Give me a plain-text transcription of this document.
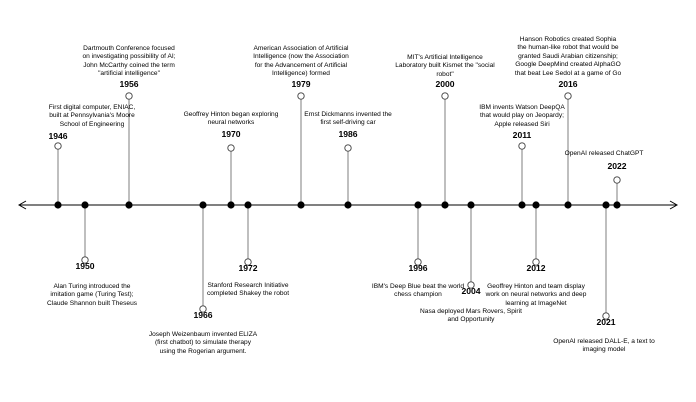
1946
First digital computer, ENIAC,
built at Pennsylvania's Moore
School of Engineering
1950
Alan Turing introduced the
imitation game (Turing Test);
Claude Shannon built Theseus
1956
Dartmouth Conference focused
on investigating possibility of AI;
John McCarthy coined the term
"artificial intelligence"
1966
Joseph Weizenbaum invented ELIZA
(first chatbot) to simulate therapy
using the Rogerian argument.
1970
Geoffrey Hinton began exploring
neural networks
1972
Stanford Research Initiative
completed Shakey the robot
1979
American Association of Artificial
Intelligence (now the Association
for the Advancement of Artificial
Intelligence) formed
1986
Ernst Dickmanns invented the
first self-driving car
1996
IBM's Deep Blue beat the world
chess champion
2000
MIT's Artificial Intelligence
Laboratory built Kismet the "social
robot"
2004
Nasa deployed Mars Rovers, Spirit
and Opportunity
2011
IBM invents Watson DeepQA
that would play on Jeopardy;
Apple released Siri
2012
Geoffrey Hinton and team display
work on neural networks and deep
learning at ImageNet
2016
Hanson Robotics created Sophia
the human-like robot that would be
granted Saudi Arabian citizenship;
Google DeepMind created AlphaGO
that beat Lee Sedol at a game of Go
2021
OpenAI released DALL-E, a text to
imaging model
2022
OpenAI released ChatGPT
